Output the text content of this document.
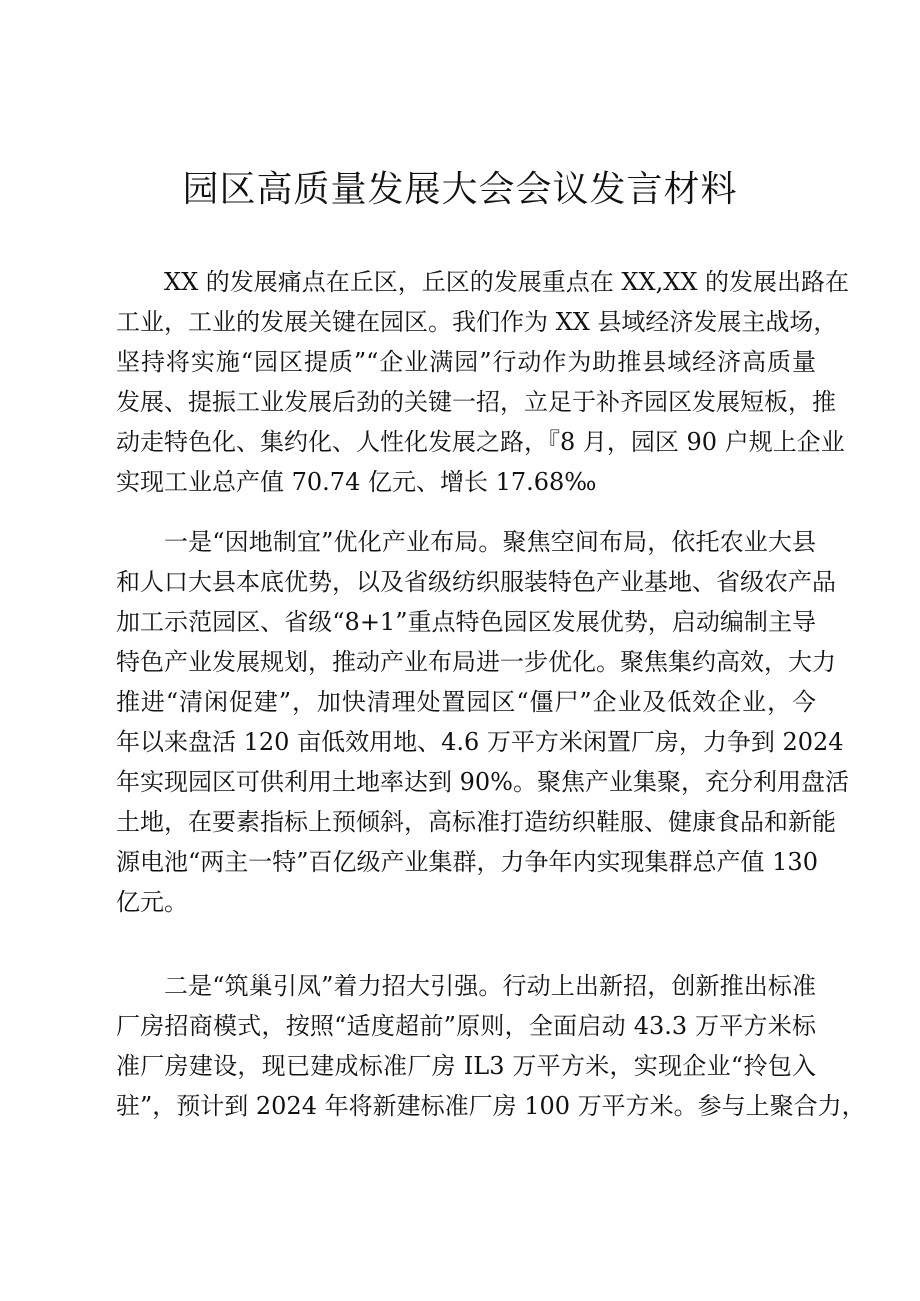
园区高质量发展大会会议发言材料
XX 的发展痛点在丘区，丘区的发展重点在 XX,XX 的发展出路在
工业，工业的发展关键在园区。我们作为 XX 县域经济发展主战场，
坚持将实施“园区提质”“企业满园”行动作为助推县域经济高质量
发展、提振工业发展后劲的关键一招，立足于补齐园区发展短板，推
动走特色化、集约化、人性化发展之路，『8 月，园区 90 户规上企业
实现工业总产值 70.74 亿元、增长 17.68‰
一是“因地制宜”优化产业布局。聚焦空间布局，依托农业大县
和人口大县本底优势，以及省级纺织服装特色产业基地、省级农产品
加工示范园区、省级“8+1”重点特色园区发展优势，启动编制主导
特色产业发展规划，推动产业布局进一步优化。聚焦集约高效，大力
推进“清闲促建”，加快清理处置园区“僵尸”企业及低效企业，今
年以来盘活 120 亩低效用地、4.6 万平方米闲置厂房，力争到 2024
年实现园区可供利用土地率达到 90%。聚焦产业集聚，充分利用盘活
土地，在要素指标上预倾斜，高标准打造纺织鞋服、健康食品和新能
源电池“两主一特”百亿级产业集群，力争年内实现集群总产值 130
亿元。
二是“筑巢引凤”着力招大引强。行动上出新招，创新推出标准
厂房招商模式，按照“适度超前”原则，全面启动 43.3 万平方米标
准厂房建设，现已建成标准厂房 IL3 万平方米，实现企业“拎包入
驻”，预计到 2024 年将新建标准厂房 100 万平方米。参与上聚合力，
